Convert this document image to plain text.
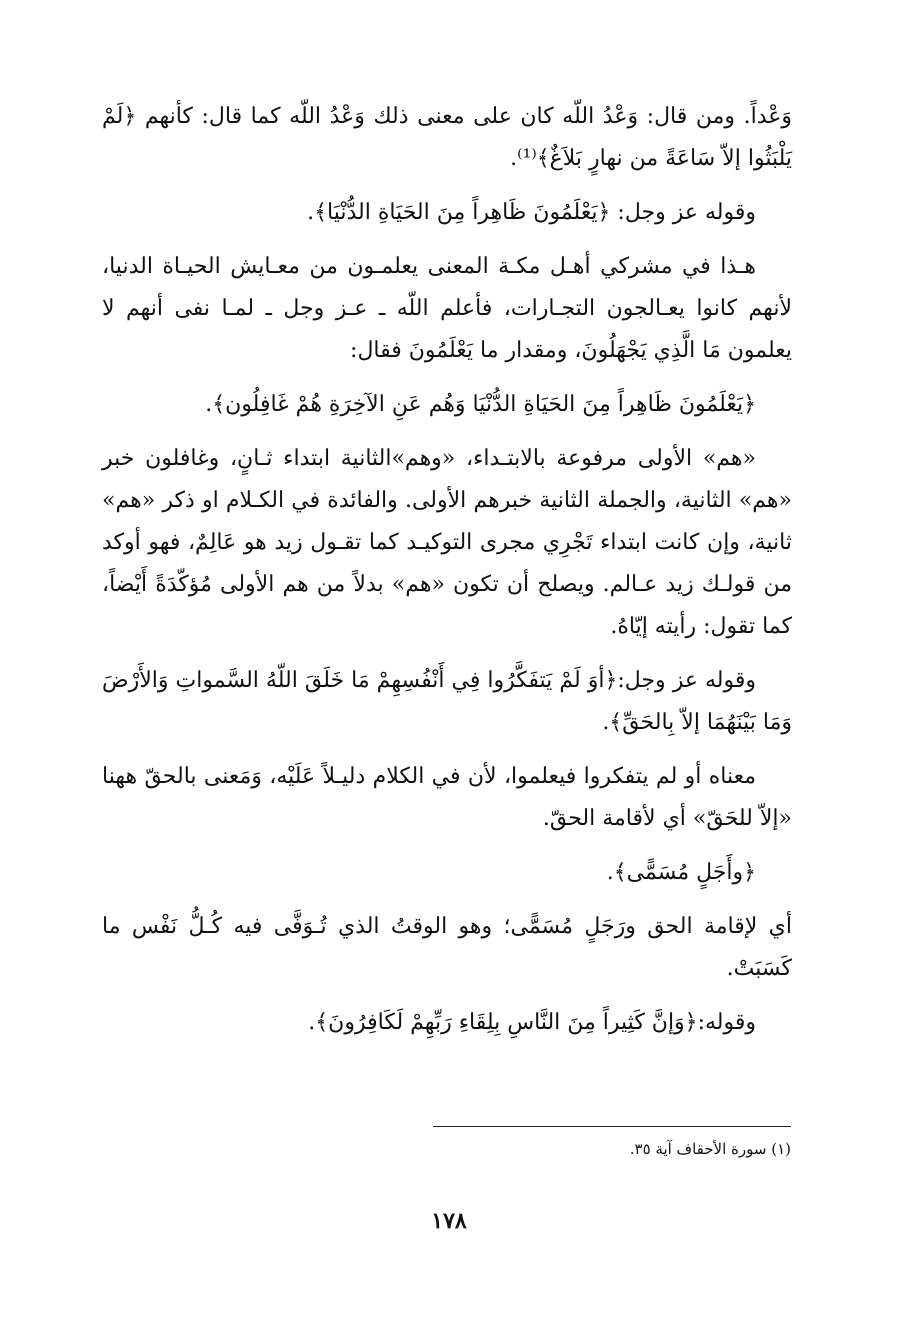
وَعْداً. ومن قال: وَعْدُ اللّه كان على معنى ذلك وَعْدُ اللّه كما قال: كأنهم ﴿لَمْ يَلْبَثُوا إلاّ سَاعَةً من نهارٍ بَلاَغٌ﴾⁽¹⁾.

وقوله عز وجل: ﴿يَعْلَمُونَ ظَاهِراً مِنَ الحَيَاةِ الدُّنْيَا﴾.

هـذا في مشركي أهـل مكـة المعنى يعلمـون من معـايش الحيـاة الدنيا، لأنهم كانوا يعـالجون التجـارات، فأعلم اللّه ـ عـز وجل ـ لمـا نفى أنهم لا يعلمون مَا الَّذِي يَجْهَلُونَ، ومقدار ما يَعْلَمُونَ فقال:

﴿يَعْلَمُونَ ظَاهِراً مِنَ الحَيَاةِ الدُّنْيَا وَهُم عَنِ الآخِرَةِ هُمْ غَافِلُون﴾.

«هم» الأولى مرفوعة بالابتـداء، «وهم»الثانية ابتداء ثـانٍ، وغافلون خبر «هم» الثانية، والجملة الثانية خبرهم الأولى. والفائدة في الكـلام او ذكر «هم» ثانية، وإن كانت ابتداء تَجْرِي مجرى التوكيـد كما تقـول زيد هو عَالِمٌ، فهو أوكد من قولـك زيد عـالم. ويصلح أن تكون «هم» بدلاً من هم الأولى مُؤكّدَةً أَيْضاً، كما تقول: رأيته إيّاهُ.

وقوله عز وجل:﴿أوَ لَمْ يَتفَكَّرُوا فِي أَنْفُسِهِمْ مَا خَلَقَ اللّهُ السَّمواتِ وَالأَرْضَ وَمَا بَيْنَهُمَا إلاّ بِالحَقِّ﴾.

معناه أو لم يتفكروا فيعلموا، لأن في الكلام دليـلاً عَلَيْه، وَمَعنى بالحقّ ههنا «إلاّ للحَقّ» أي لأقامة الحقّ.

﴿وأَجَلٍ مُسَمًّى﴾.

أي لإقامة الحق ورَجَلٍ مُسَمًّى؛ وهو الوقتُ الذي تُـوَفَّى فيه كُـلُّ نَفْس ما كَسَبَتْ.

وقوله:﴿وَإنَّ كَثِيراً مِنَ النَّاسِ بِلِقَاءِ رَبِّهِمْ لَكَافِرُونَ﴾.

(١) سورة الأحقاف آية ٣٥.
١٧٨
